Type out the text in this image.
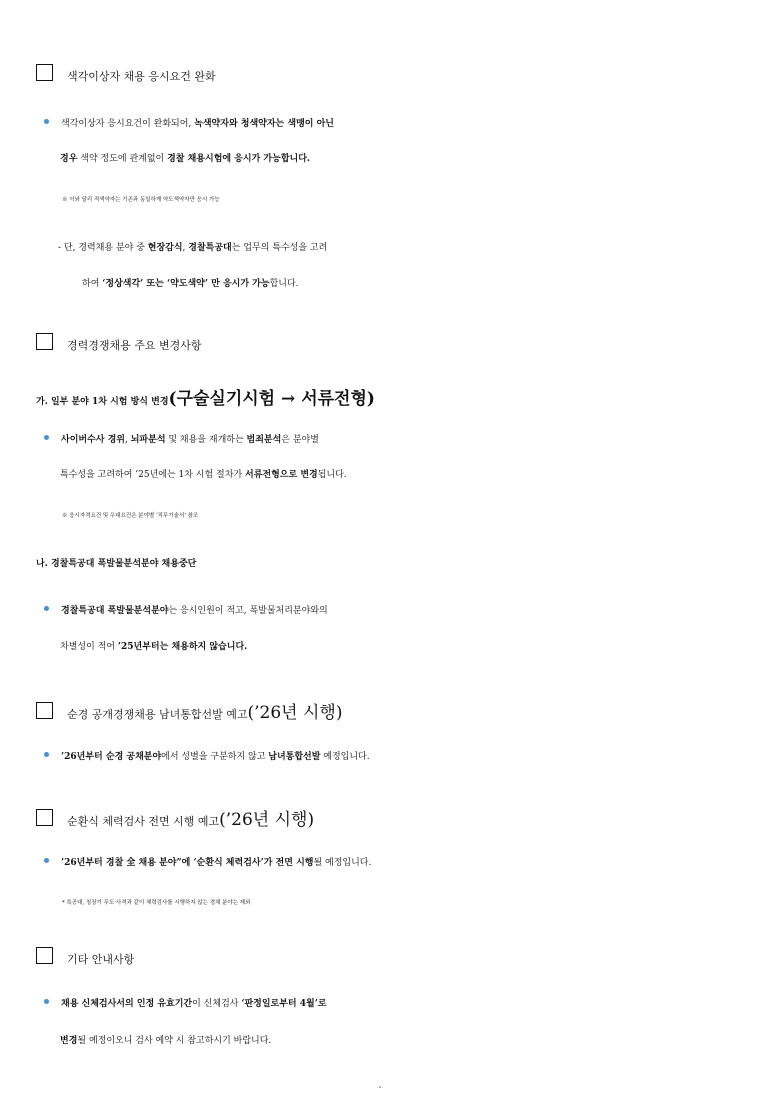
색각이상자 채용 응시요건 완화
색각이상자 응시요건이 완화되어, 녹색약자와 청색약자는 색맹이 아닌
경우 색약 정도에 관계없이 경찰 채용시험에 응시가 가능합니다.
※ 이와 달리 적색약자는 기존과 동일하게 약도색약자만 응시 가능
- 단, 경력채용 분야 중 현장감식, 경찰특공대는 업무의 특수성을 고려
하여 ‘정상색각’ 또는 ‘약도색약’ 만 응시가 가능합니다.
경력경쟁채용 주요 변경사항
가. 일부 분야 1차 시험 방식 변경(구술실기시험 → 서류전형)
사이버수사 경위, 뇌파분석 및 채용을 재개하는 범죄분석은 분야별
특수성을 고려하여 ’25년에는 1차 시험 절차가 서류전형으로 변경됩니다.
※ 응시자격요건 및 우대요건은 분야별 ‘직무기술서’ 참조
나. 경찰특공대 폭발물분석분야 채용중단
경찰특공대 폭발물분석분야는 응시인원이 적고, 폭발물처리분야와의
차별성이 적어 ’25년부터는 채용하지 않습니다.
순경 공개경쟁채용 남녀통합선발 예고(’26년 시행)
’26년부터 순경 공채분야에서 성별을 구분하지 않고 남녀통합선발 예정입니다.
순환식 체력검사 전면 시행 예고(’26년 시행)
’26년부터 경찰 全 채용 분야”에 ‘순환식 체력검사’가 전면 시행될 예정입니다.
* 특공대, 청장기 무도·사격과 같이 체력검사를 시행하지 않는 경채 분야는 제외
기타 안내사항
채용 신체검사서의 인정 유효기간이 신체검사 ‘판정일로부터 4월’로
변경될 예정이오니 검사 예약 시 참고하시기 바랍니다.
- 6 -
